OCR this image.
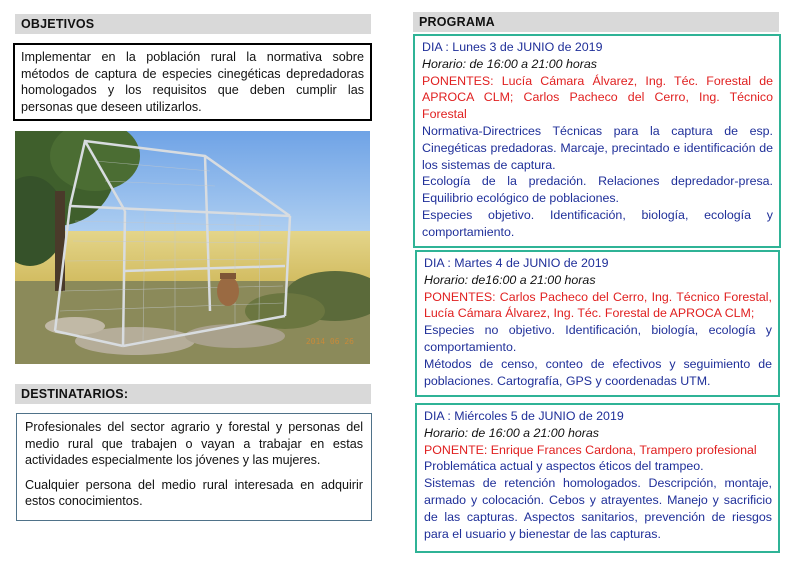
OBJETIVOS

Implementar en la población rural la normativa sobre métodos de captura de especies cinegéticas depredadoras homologados y los requisitos que deben cumplir las personas que deseen utilizarlos.

2014 06 26
DESTINATARIOS:

Profesionales del sector agrario y forestal y personas del medio rural que trabajen o vayan a trabajar en estas actividades especialmente los jóvenes y las mujeres.

Cualquier persona del medio rural interesada en adquirir estos conocimientos.

PROGRAMA

DIA : Lunes 3 de JUNIO de 2019

Horario: de 16:00 a 21:00 horas

PONENTES: Lucía Cámara Álvarez, Ing. Téc. Forestal de APROCA CLM; Carlos Pacheco del Cerro, Ing. Técnico Forestal

Normativa-Directrices Técnicas para la captura de esp. Cinegéticas predadoras. Marcaje, precintado e identificación de los sistemas de captura.

Ecología de la predación. Relaciones depredador-presa. Equilibrio ecológico de poblaciones.

Especies objetivo. Identificación, biología, ecología y comportamiento.

DIA : Martes 4 de JUNIO de 2019

Horario: de16:00 a 21:00 horas

PONENTES: Carlos Pacheco del Cerro, Ing. Técnico Forestal, Lucía Cámara Álvarez, Ing. Téc. Forestal de APROCA CLM;

Especies no objetivo. Identificación, biología, ecología y comportamiento.

Métodos de censo, conteo de efectivos y seguimiento de poblaciones. Cartografía, GPS y coordenadas UTM.

DIA : Miércoles 5 de JUNIO de 2019

Horario: de 16:00 a 21:00 horas

PONENTE: Enrique Frances Cardona, Trampero profesional

Problemática actual y aspectos éticos del trampeo.

Sistemas de retención homologados. Descripción, montaje, armado y colocación. Cebos y atrayentes. Manejo y sacrificio de las capturas. Aspectos sanitarios, prevención de riesgos para el usuario y bienestar de las capturas.
